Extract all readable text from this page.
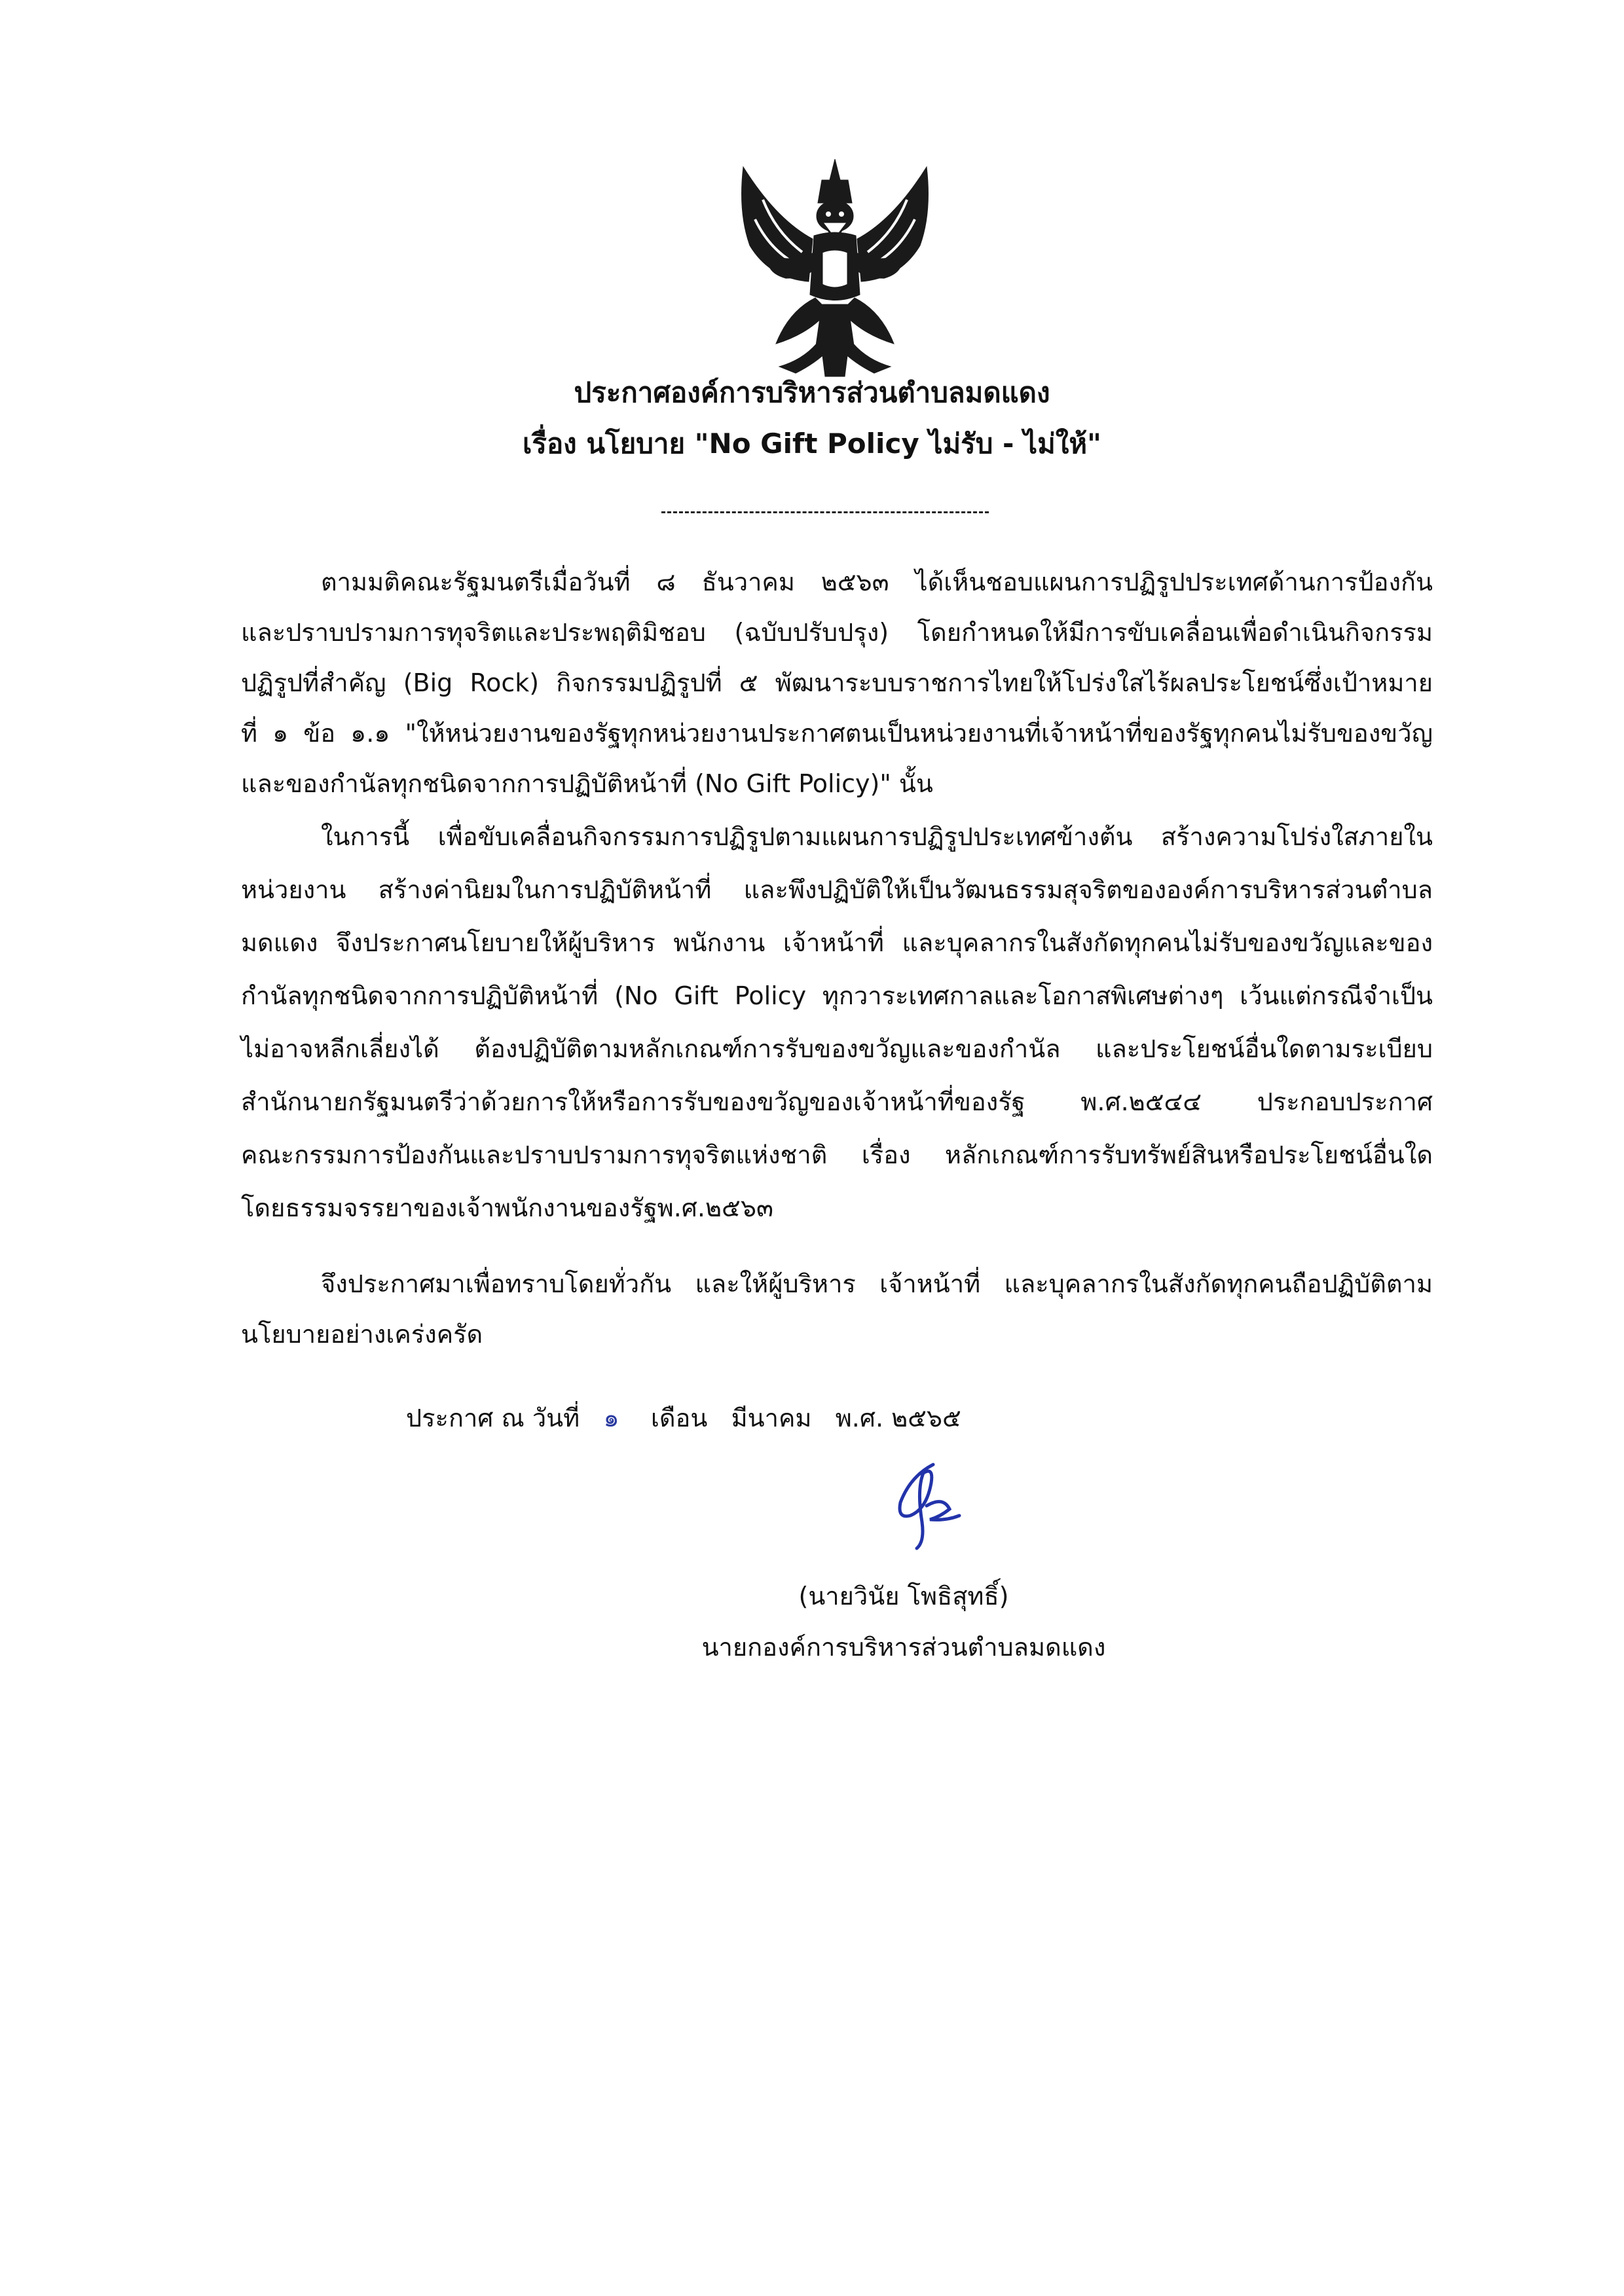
ประกาศองค์การบริหารส่วนตำบลมดแดง
เรื่อง นโยบาย "No Gift Policy ไม่รับ - ไม่ให้"
ตามมติคณะรัฐมนตรีเมื่อวันที่ ๘ ธันวาคม ๒๕๖๓ ได้เห็นชอบแผนการปฏิรูปประเทศด้านการป้องกัน
และปราบปรามการทุจริตและประพฤติมิชอบ (ฉบับปรับปรุง) โดยกำหนดให้มีการขับเคลื่อนเพื่อดำเนินกิจกรรม
ปฏิรูปที่สำคัญ (Big Rock) กิจกรรมปฏิรูปที่ ๕ พัฒนาระบบราชการไทยให้โปร่งใสไร้ผลประโยชน์ซึ่งเป้าหมาย
ที่ ๑ ข้อ ๑.๑ "ให้หน่วยงานของรัฐทุกหน่วยงานประกาศตนเป็นหน่วยงานที่เจ้าหน้าที่ของรัฐทุกคนไม่รับของขวัญ
และของกำนัลทุกชนิดจากการปฏิบัติหน้าที่ (No Gift Policy)" นั้น
ในการนี้ เพื่อขับเคลื่อนกิจกรรมการปฏิรูปตามแผนการปฏิรูปประเทศข้างต้น สร้างความโปร่งใสภายใน
หน่วยงาน สร้างค่านิยมในการปฏิบัติหน้าที่ และพึงปฏิบัติให้เป็นวัฒนธรรมสุจริตขององค์การบริหารส่วนตำบล
มดแดง จึงประกาศนโยบายให้ผู้บริหาร พนักงาน เจ้าหน้าที่ และบุคลากรในสังกัดทุกคนไม่รับของขวัญและของ
กำนัลทุกชนิดจากการปฏิบัติหน้าที่ (No Gift Policy ทุกวาระเทศกาลและโอกาสพิเศษต่างๆ เว้นแต่กรณีจำเป็น
ไม่อาจหลีกเลี่ยงได้ ต้องปฏิบัติตามหลักเกณฑ์การรับของขวัญและของกำนัล และประโยชน์อื่นใดตามระเบียบ
สำนักนายกรัฐมนตรีว่าด้วยการให้หรือการรับของขวัญของเจ้าหน้าที่ของรัฐ พ.ศ.๒๕๔๔ ประกอบประกาศ
คณะกรรมการป้องกันและปราบปรามการทุจริตแห่งชาติ เรื่อง หลักเกณฑ์การรับทรัพย์สินหรือประโยชน์อื่นใด
โดยธรรมจรรยาของเจ้าพนักงานของรัฐพ.ศ.๒๕๖๓
จึงประกาศมาเพื่อทราบโดยทั่วกัน และให้ผู้บริหาร เจ้าหน้าที่ และบุคลากรในสังกัดทุกคนถือปฏิบัติตาม
นโยบายอย่างเคร่งครัด
ประกาศ ณ วันที่ ๑ เดือน มีนาคม พ.ศ. ๒๕๖๕
(นายวินัย โพธิสุทธิ์)
นายกองค์การบริหารส่วนตำบลมดแดง
